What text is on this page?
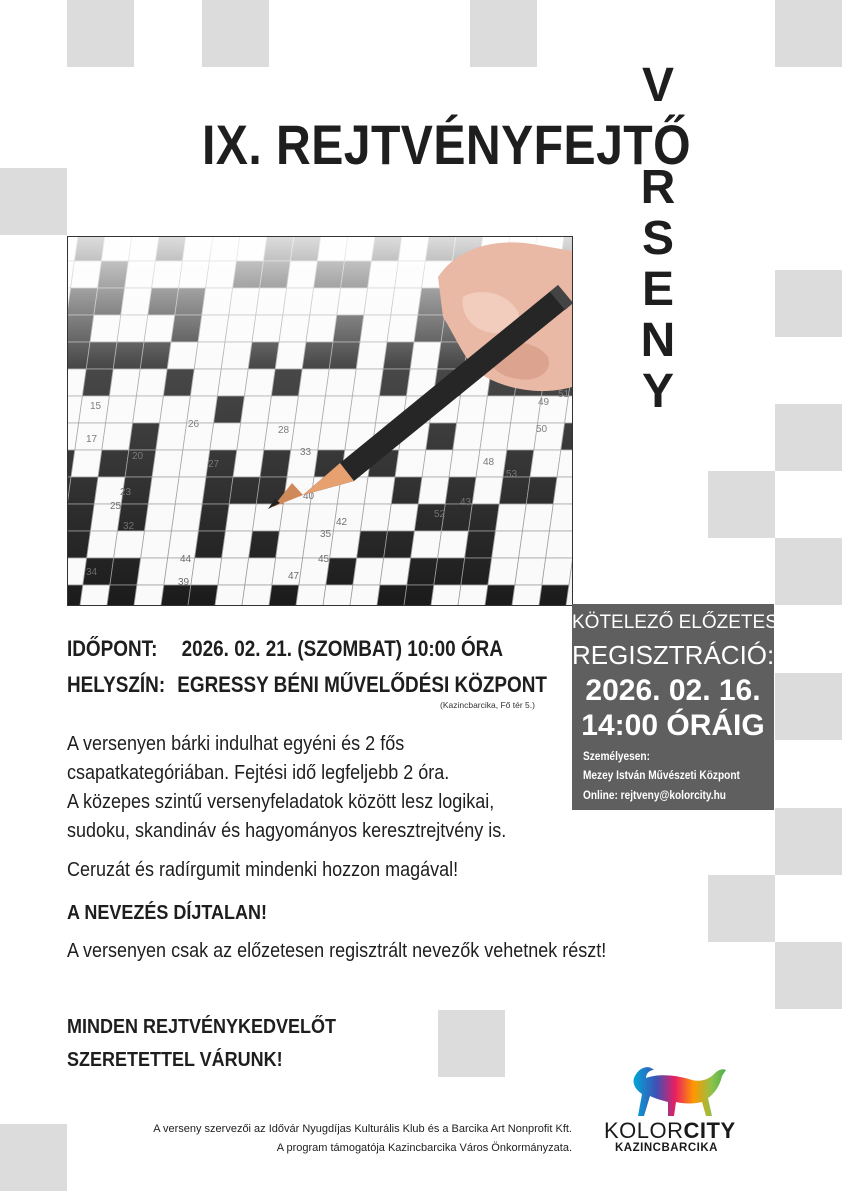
IX. REJTVÉNYFEJTŐ
V
R
S
E
N
Y
IDŐPONT: 2026. 02. 21. (SZOMBAT) 10:00 ÓRA
HELYSZÍN: EGRESSY BÉNI MŰVELŐDÉSI KÖZPONT
(Kazincbarcika, Fő tér 5.)
A versenyen bárki indulhat egyéni és 2 fős
csapatkategóriában. Fejtési idő legfeljebb 2 óra.
A közepes szintű versenyfeladatok között lesz logikai,
sudoku, skandináv és hagyományos keresztrejtvény is.
Ceruzát és radírgumit mindenki hozzon magával!
A NEVEZÉS DÍJTALAN!
A versenyen csak az előzetesen regisztrált nevezők vehetnek részt!
MINDEN REJTVÉNYKEDVELŐT
SZERETETTEL VÁRUNK!
KÖTELEZŐ ELŐZETES
REGISZTRÁCIÓ:
2026. 02. 16.
14:00 ÓRÁIG
Személyesen:
Mezey István Művészeti Központ
Online: rejtveny@kolorcity.hu
A verseny szervezői az Idővár Nyugdíjas Kulturális Klub és a Barcika Art Nonprofit Kft.
A program támogatója Kazincbarcika Város Önkormányzata.
KOLORCITY
KAZINCBARCIKA
